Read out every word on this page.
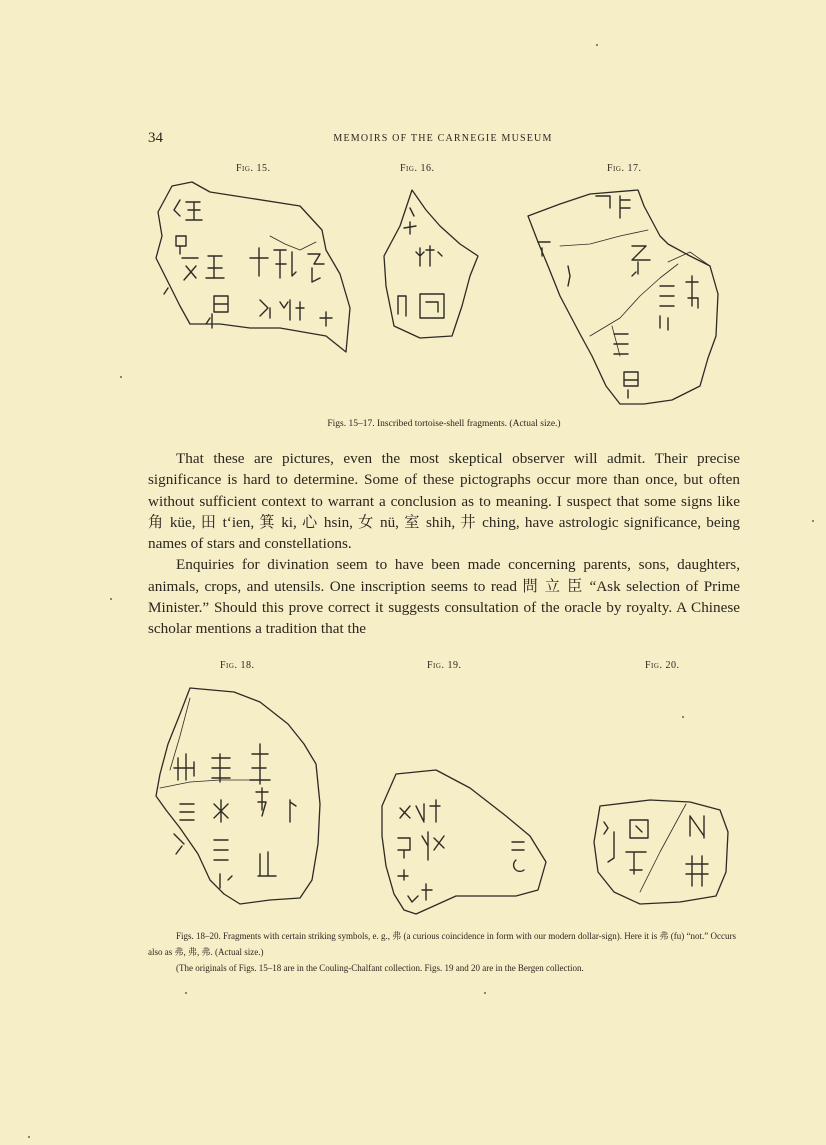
34	MEMOIRS OF THE CARNEGIE MUSEUM
Fig. 15.	Fig. 16.	Fig. 17.
Figs. 15–17. Inscribed tortoise-shell fragments. (Actual size.)

That these are pictures, even the most skeptical observer will admit. Their precise significance is hard to determine. Some of these pictographs occur more than once, but often without sufficient context to warrant a conclusion as to meaning. I suspect that some signs like 角 küe, 田 t‘ien, 箕 ki, 心 hsin, 女 nü, 室 shih, 井 ching, have astrologic significance, being names of stars and constellations.

Enquiries for divination seem to have been made concerning parents, sons, daughters, animals, crops, and utensils. One inscription seems to read 問 立 臣 “Ask selection of Prime Minister.” Should this prove correct it suggests consultation of the oracle by royalty. A Chinese scholar mentions a tradition that the

Fig. 18.	Fig. 19.	Fig. 20.

Figs. 18–20. Fragments with certain striking symbols, e. g., 弗 (a curious coincidence in form with our modern dollar-sign). Here it is 弗 (fu) “not.” Occurs also as 弗, 弗, 弗. (Actual size.)

(The originals of Figs. 15–18 are in the Couling-Chalfant collection. Figs. 19 and 20 are in the Bergen collection.
